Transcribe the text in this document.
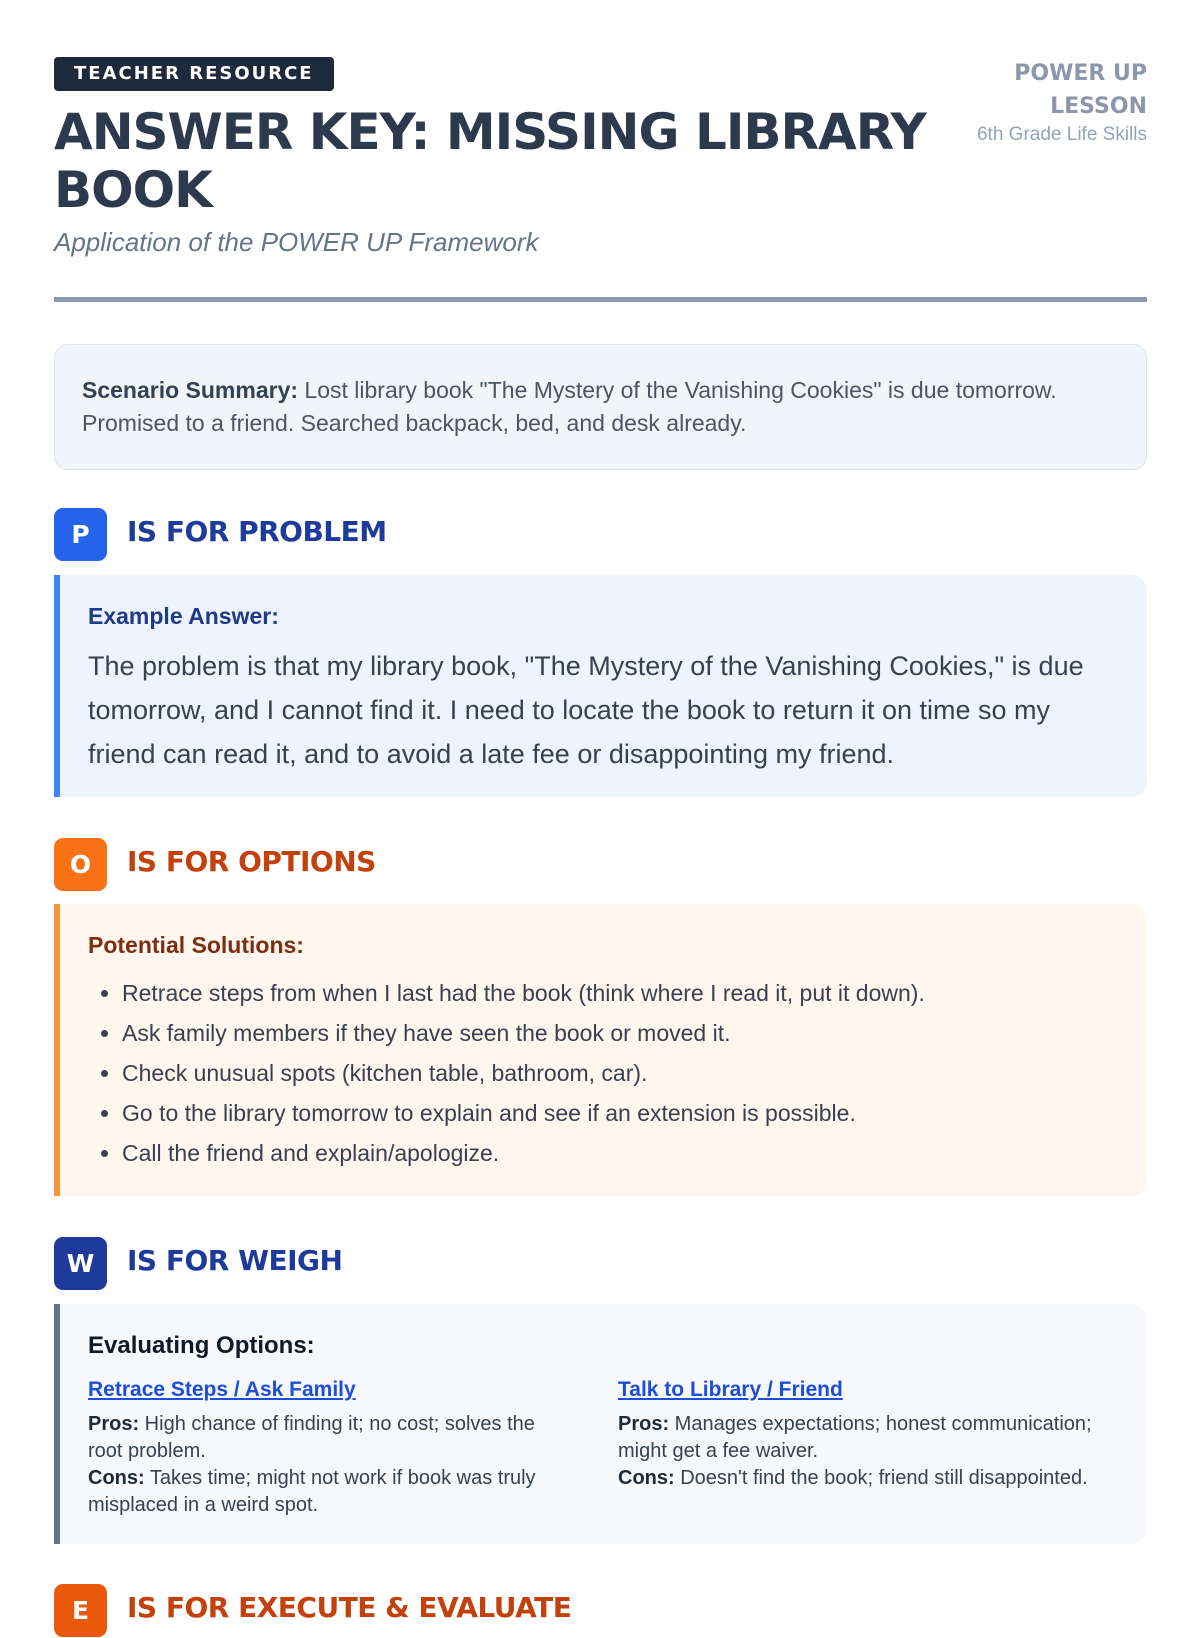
TEACHER RESOURCE
ANSWER KEY: MISSING LIBRARY BOOK
Application of the POWER UP Framework
POWER UP
LESSON
6th Grade Life Skills
Scenario Summary: Lost library book "The Mystery of the Vanishing Cookies" is due tomorrow. Promised to a friend. Searched backpack, bed, and desk already.
P	IS FOR PROBLEM
Example Answer:
The problem is that my library book, "The Mystery of the Vanishing Cookies," is due tomorrow, and I cannot find it. I need to locate the book to return it on time so my friend can read it, and to avoid a late fee or disappointing my friend.
O	IS FOR OPTIONS
Potential Solutions:
• Retrace steps from when I last had the book (think where I read it, put it down).
• Ask family members if they have seen the book or moved it.
• Check unusual spots (kitchen table, bathroom, car).
• Go to the library tomorrow to explain and see if an extension is possible.
• Call the friend and explain/apologize.
W	IS FOR WEIGH
Evaluating Options:
Retrace Steps / Ask Family
Pros: High chance of finding it; no cost; solves the root problem.
Cons: Takes time; might not work if book was truly misplaced in a weird spot.
Talk to Library / Friend
Pros: Manages expectations; honest communication; might get a fee waiver.
Cons: Doesn't find the book; friend still disappointed.
E	IS FOR EXECUTE & EVALUATE
